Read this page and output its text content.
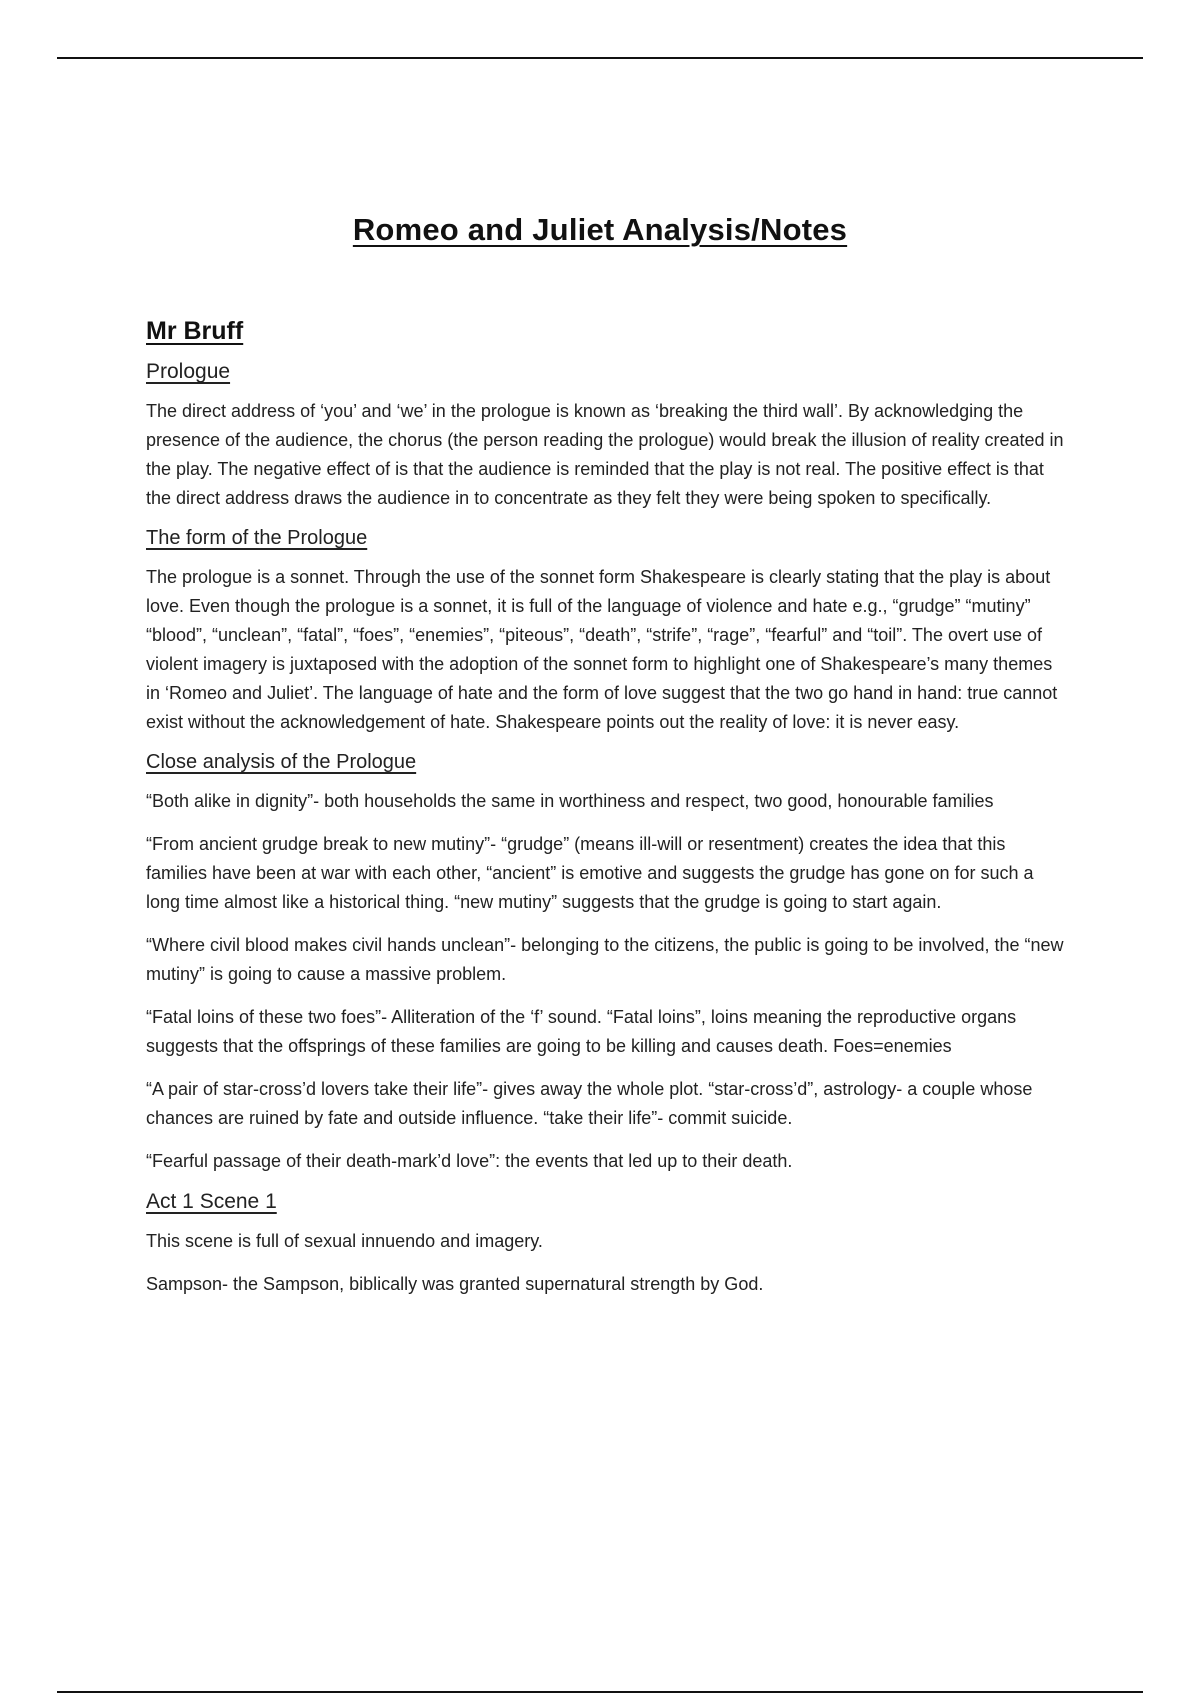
Romeo and Juliet Analysis/Notes
Mr Bruff
Prologue

The direct address of ‘you’ and ‘we’ in the prologue is known as ‘breaking the third wall’. By acknowledging the presence of the audience, the chorus (the person reading the prologue) would break the illusion of reality created in the play. The negative effect of is that the audience is reminded that the play is not real. The positive effect is that the direct address draws the audience in to concentrate as they felt they were being spoken to specifically.

The form of the Prologue

The prologue is a sonnet. Through the use of the sonnet form Shakespeare is clearly stating that the play is about love. Even though the prologue is a sonnet, it is full of the language of violence and hate e.g., “grudge” “mutiny” “blood”, “unclean”, “fatal”, “foes”, “enemies”, “piteous”, “death”, “strife”, “rage”, “fearful” and “toil”. The overt use of violent imagery is juxtaposed with the adoption of the sonnet form to highlight one of Shakespeare’s many themes in ‘Romeo and Juliet’. The language of hate and the form of love suggest that the two go hand in hand: true cannot exist without the acknowledgement of hate. Shakespeare points out the reality of love: it is never easy.

Close analysis of the Prologue

“Both alike in dignity”- both households the same in worthiness and respect, two good, honourable families

“From ancient grudge break to new mutiny”- “grudge” (means ill-will or resentment) creates the idea that this families have been at war with each other, “ancient” is emotive and suggests the grudge has gone on for such a long time almost like a historical thing. “new mutiny” suggests that the grudge is going to start again.

“Where civil blood makes civil hands unclean”- belonging to the citizens, the public is going to be involved, the “new mutiny” is going to cause a massive problem.

“Fatal loins of these two foes”- Alliteration of the ‘f’ sound. “Fatal loins”, loins meaning the reproductive organs suggests that the offsprings of these families are going to be killing and causes death. Foes=enemies

“A pair of star-cross’d lovers take their life”- gives away the whole plot. “star-cross’d”, astrology- a couple whose chances are ruined by fate and outside influence. “take their life”- commit suicide.

“Fearful passage of their death-mark’d love”: the events that led up to their death.

Act 1 Scene 1

This scene is full of sexual innuendo and imagery.

Sampson- the Sampson, biblically was granted supernatural strength by God.
